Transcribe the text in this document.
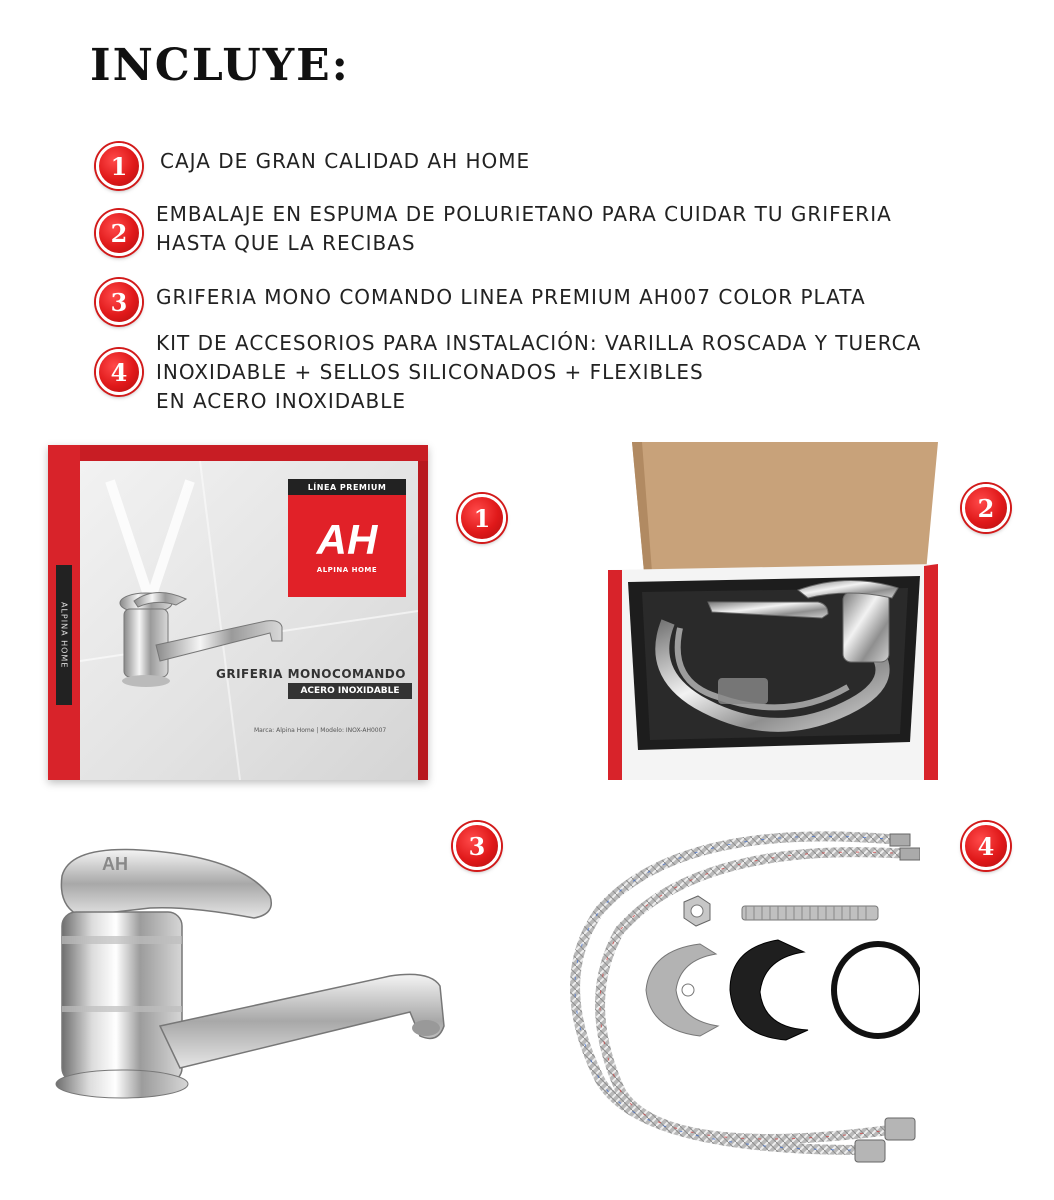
INCLUYE:
1	CAJA DE GRAN CALIDAD AH HOME
2
EMBALAJE EN ESPUMA DE POLURIETANO PARA CUIDAR TU GRIFERIA
HASTA QUE LA RECIBAS
3	GRIFERIA MONO COMANDO LINEA PREMIUM AH007 COLOR PLATA
4
KIT DE ACCESORIOS PARA INSTALACIÓN: VARILLA ROSCADA Y TUERCA
INOXIDABLE + SELLOS SILICONADOS + FLEXIBLES
EN ACERO INOXIDABLE
ALPINA HOME
LÍNEA PREMIUM
AH
ALPINA HOME
GRIFERIA MONOCOMANDO
ACERO INOXIDABLE
Marca: Alpina Home | Modelo: INOX-AH0007
1	2
AH
3	4
